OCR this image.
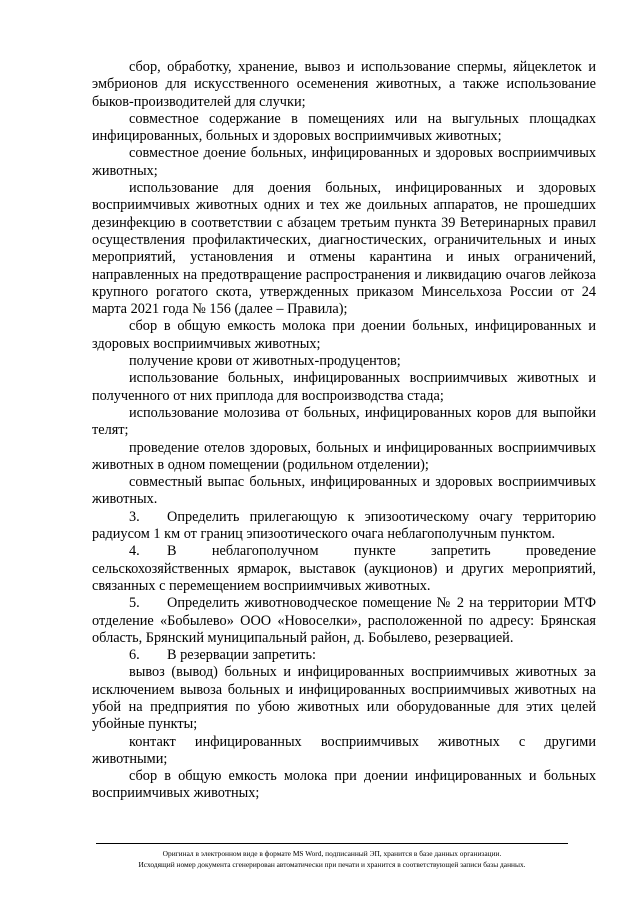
сбор, обработку, хранение, вывоз и использование спермы, яйцеклеток и эмбрионов для искусственного осеменения животных, а также использование быков-производителей для случки;

совместное содержание в помещениях или на выгульных площадках инфицированных, больных и здоровых восприимчивых животных;

совместное доение больных, инфицированных и здоровых восприимчивых животных;

использование для доения больных, инфицированных и здоровых восприимчивых животных одних и тех же доильных аппаратов, не прошедших дезинфекцию в соответствии с абзацем третьим пункта 39 Ветеринарных правил осуществления профилактических, диагностических, ограничительных и иных мероприятий, установления и отмены карантина и иных ограничений, направленных на предотвращение распространения и ликвидацию очагов лейкоза крупного рогатого скота, утвержденных приказом Минсельхоза России от 24 марта 2021 года № 156 (далее – Правила);

сбор в общую емкость молока при доении больных, инфицированных и здоровых восприимчивых животных;

получение крови от животных-продуцентов;

использование больных, инфицированных восприимчивых животных и полученного от них приплода для воспроизводства стада;

использование молозива от больных, инфицированных коров для выпойки телят;

проведение отелов здоровых, больных и инфицированных восприимчивых животных в одном помещении (родильном отделении);

совместный выпас больных, инфицированных и здоровых восприимчивых животных.

3. Определить прилегающую к эпизоотическому очагу территорию радиусом 1 км от границ эпизоотического очага неблагополучным пунктом.

4. В неблагополучном пункте запретить проведение сельскохозяйственных ярмарок, выставок (аукционов) и других мероприятий, связанных с перемещением восприимчивых животных.

5. Определить животноводческое помещение № 2 на территории МТФ отделение «Бобылево» ООО «Новоселки», расположенной по адресу: Брянская область, Брянский муниципальный район, д. Бобылево, резервацией.

6. В резервации запретить:

вывоз (вывод) больных и инфицированных восприимчивых животных за исключением вывоза больных и инфицированных восприимчивых животных на убой на предприятия по убою животных или оборудованные для этих целей убойные пункты;

контакт инфицированных восприимчивых животных с другими животными;

сбор в общую емкость молока при доении инфицированных и больных восприимчивых животных;

Оригинал в электронном виде в формате MS Word, подписанный ЭП, хранится в базе данных организации.
Исходящий номер документа сгенерирован автоматически при печати и хранится в соответствующей записи базы данных.
